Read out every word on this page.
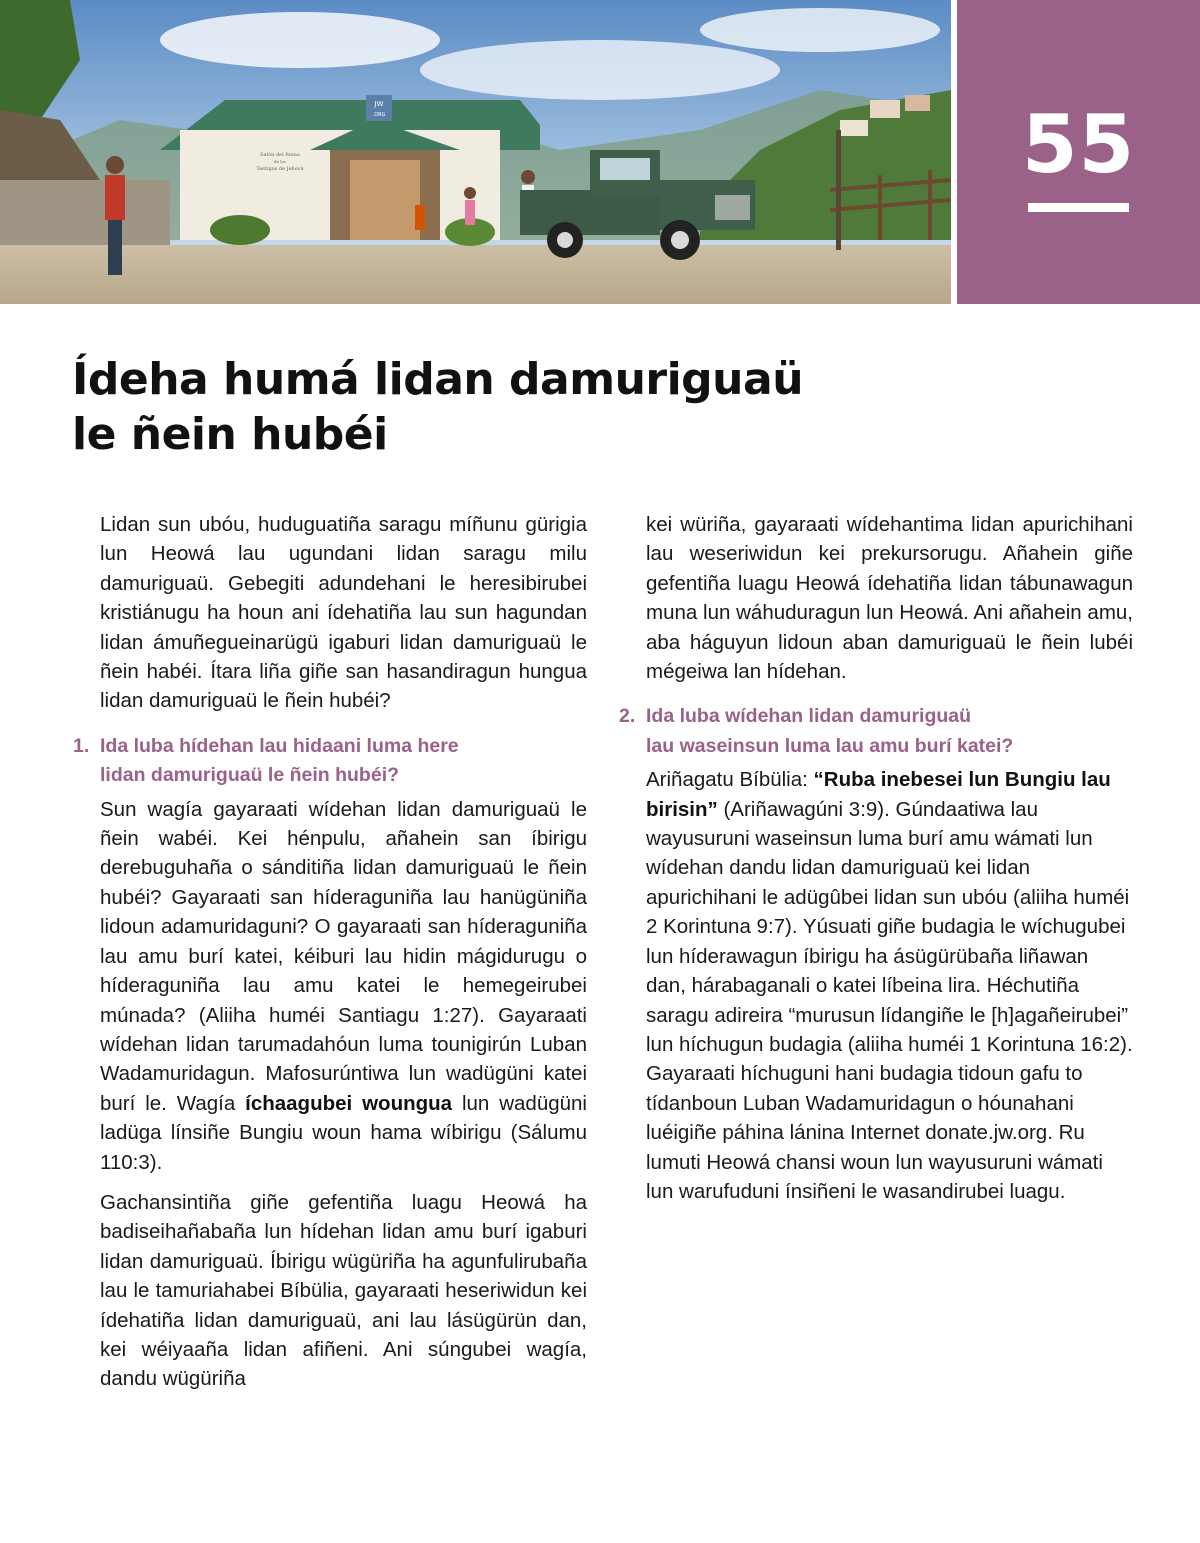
JW
.ORG
Salón del Reino
de los
Testigos de Jehová	55
Ídeha humá lidan damuriguaü
le ñein hubéi

Lidan sun ubóu, huduguatiña saragu míñunu gürigia lun Heowá lau ugundani lidan saragu milu damuriguaü. Gebegiti adundehani le heresibirubei kristiánugu ha houn ani ídehatiña lau sun hagundan lidan ámuñegueinarügü igaburi lidan damuriguaü le ñein habéi. Ítara liña giñe san hasandiragun hungua lidan damuriguaü le ñein hubéi?

1. Ida luba hídehan lau hidaani luma here
lidan damuriguaü le ñein hubéi?

Sun wagía gayaraati wídehan lidan damuriguaü le ñein wabéi. Kei hénpulu, añahein san íbirigu derebuguhaña o sánditiña lidan damuriguaü le ñein hubéi? Gayaraati san híderaguniña lau hanügüniña lidoun adamuridaguni? O gayaraati san híderaguniña lau amu burí katei, kéiburi lau hidin mágidurugu o híderaguniña lau amu katei le hemegeirubei múnada? (Aliiha huméi Santiagu 1:27). Gayaraati wídehan lidan tarumadahóun luma tounigirún Luban Wadamuridagun. Mafosurúntiwa lun wadügüni katei burí le. Wagía íchaagubei woungua lun wadügüni ladüga línsiñe Bungiu woun hama wíbirigu (Sálumu 110:3).

Gachansintiña giñe gefentiña luagu Heowá ha badiseihañabaña lun hídehan lidan amu burí igaburi lidan damuriguaü. Íbirigu wügüriña ha agunfulirubaña lau le tamuriahabei Bíbülia, gayaraati heseriwidun kei ídehatiña lidan damuriguaü, ani lau lásügürün dan, kei wéiyaaña lidan afiñeni. Ani súngubei wagía, dandu wügüriña

kei würiña, gayaraati wídehantima lidan apurichihani lau weseriwidun kei prekursorugu. Añahein giñe gefentiña luagu Heowá ídehatiña lidan tábunawagun muna lun wáhuduragun lun Heowá. Ani añahein amu, aba háguyun lidoun aban damuriguaü le ñein lubéi mégeiwa lan hídehan.

2. Ida luba wídehan lidan damuriguaü
lau waseinsun luma lau amu burí katei?

Ariñagatu Bíbülia: “Ruba inebesei lun Bungiu lau birisin” (Ariñawagúni 3:9). Gúndaatiwa lau wayusuruni waseinsun luma burí amu wámati lun wídehan dandu lidan damuriguaü kei lidan apurichihani le adügûbei lidan sun ubóu (aliiha huméi 2 Korintuna 9:7). Yúsuati giñe budagia le wíchugubei lun híderawagun íbirigu ha ásügürübaña liñawan dan, hárabaganali o katei líbeina lira. Héchutiña saragu adireira “murusun lídangiñe le [h]agañeirubei” lun híchugun budagia (aliiha huméi 1 Korintuna 16:2). Gayaraati híchuguni hani budagia tidoun gafu to tídanboun Luban Wadamuridagun o hóunahani luéigiñe páhina lánina Internet donate.jw.org. Ru lumuti Heowá chansi woun lun wayusuruni wámati lun warufuduni ínsiñeni le wasandirubei luagu.
